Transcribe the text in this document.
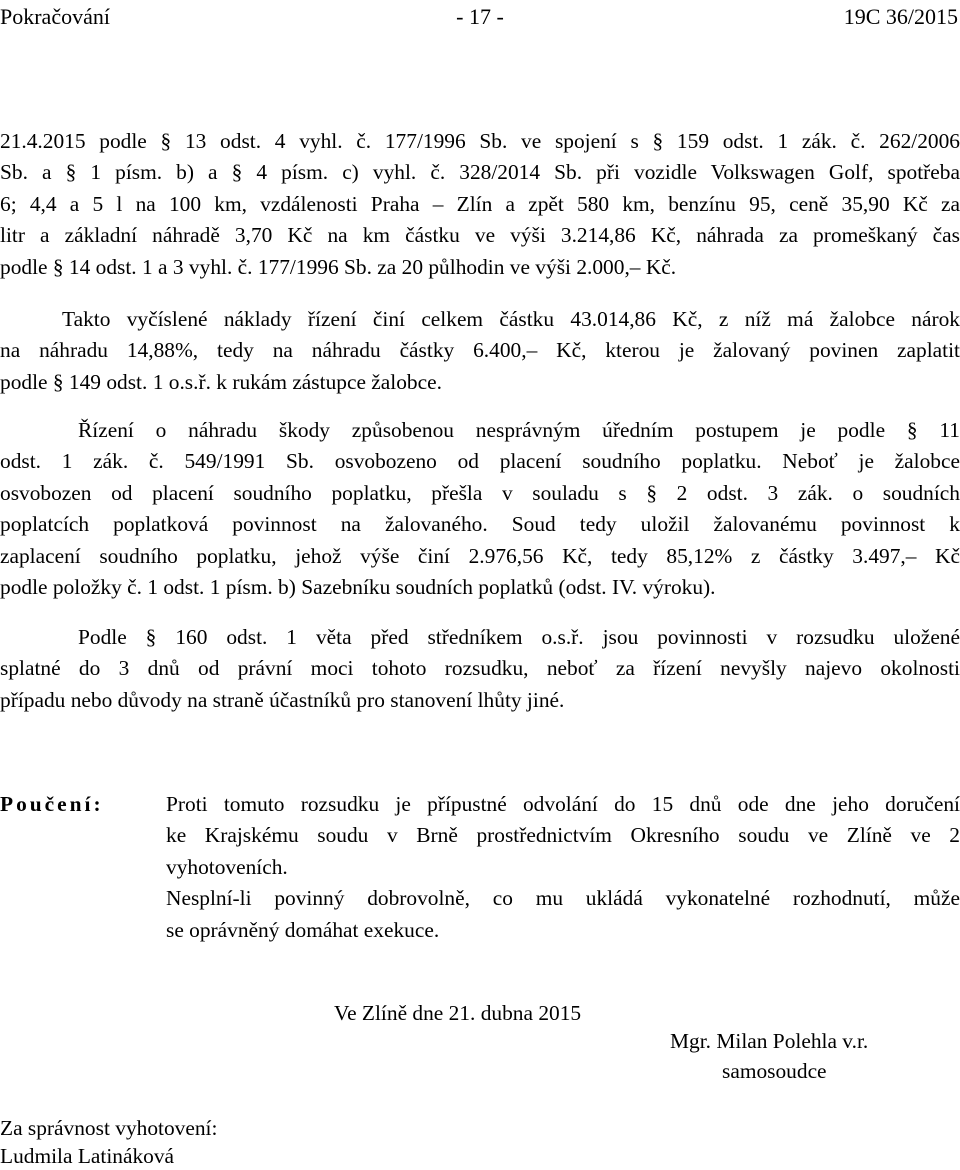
Pokračování	- 17 -	19C 36/2015
21.4.2015 podle § 13 odst. 4 vyhl. č. 177/1996 Sb. ve spojení s § 159 odst. 1 zák. č. 262/2006
Sb. a § 1 písm. b) a § 4 písm. c) vyhl. č. 328/2014 Sb. při vozidle Volkswagen Golf, spotřeba
6; 4,4 a 5 l na 100 km, vzdálenosti Praha – Zlín a zpět 580 km, benzínu 95, ceně 35,90 Kč za
litr a základní náhradě 3,70 Kč na km částku ve výši 3.214,86 Kč, náhrada za promeškaný čas
podle § 14 odst. 1 a 3 vyhl. č. 177/1996 Sb. za 20 půlhodin ve výši 2.000,– Kč.
Takto vyčíslené náklady řízení činí celkem částku 43.014,86 Kč, z níž má žalobce nárok
na náhradu 14,88%, tedy na náhradu částky 6.400,– Kč, kterou je žalovaný povinen zaplatit
podle § 149 odst. 1 o.s.ř. k rukám zástupce žalobce.
Řízení o náhradu škody způsobenou nesprávným úředním postupem je podle § 11
odst. 1 zák. č. 549/1991 Sb. osvobozeno od placení soudního poplatku. Neboť je žalobce
osvobozen od placení soudního poplatku, přešla v souladu s § 2 odst. 3 zák. o soudních
poplatcích poplatková povinnost na žalovaného. Soud tedy uložil žalovanému povinnost k
zaplacení soudního poplatku, jehož výše činí 2.976,56 Kč, tedy 85,12% z částky 3.497,– Kč
podle položky č. 1 odst. 1 písm. b) Sazebníku soudních poplatků (odst. IV. výroku).
Podle § 160 odst. 1 věta před středníkem o.s.ř. jsou povinnosti v rozsudku uložené
splatné do 3 dnů od právní moci tohoto rozsudku, neboť za řízení nevyšly najevo okolnosti
případu nebo důvody na straně účastníků pro stanovení lhůty jiné.
Poučení:	Proti tomuto rozsudku je přípustné odvolání do 15 dnů ode dne jeho doručení
ke Krajskému soudu v Brně prostřednictvím Okresního soudu ve Zlíně ve 2
vyhotoveních.
Nesplní-li povinný dobrovolně, co mu ukládá vykonatelné rozhodnutí, může
se oprávněný domáhat exekuce.
Ve Zlíně dne 21. dubna 2015
Mgr. Milan Polehla v.r.
samosoudce
Za správnost vyhotovení:
Ludmila Latináková
